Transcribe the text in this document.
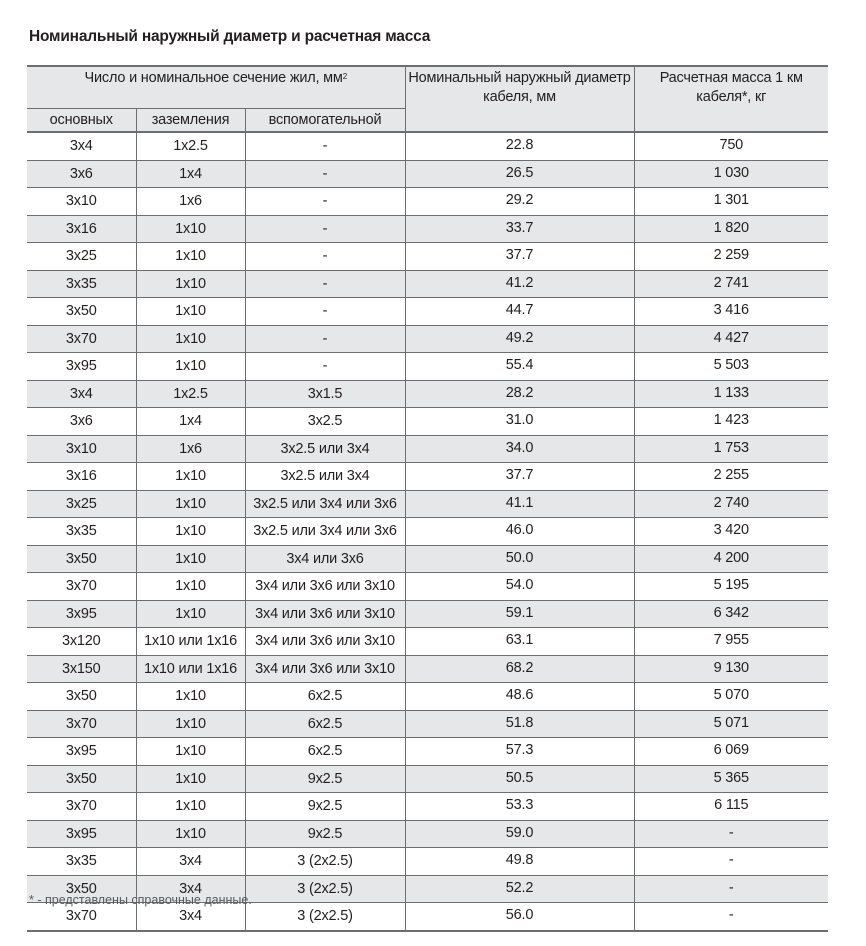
Номинальный наружный диаметр и расчетная масса
Число и номинальное сечение жил, $мм^2$			Номинальный наружный диаметр кабеля, мм	Расчетная масса 1 км кабеля*, кг
основных	заземления	вспомогательной		
3x4	1x2.5	-	22.8	750
3x6	1x4	-	26.5	1 030
3x10	1x6	-	29.2	1 301
3x16	1x10	-	33.7	1 820
3x25	1x10	-	37.7	2 259
3x35	1x10	-	41.2	2 741
3x50	1x10	-	44.7	3 416
3x70	1x10	-	49.2	4 427
3x95	1x10	-	55.4	5 503
3x4	1x2.5	3x1.5	28.2	1 133
3x6	1x4	3x2.5	31.0	1 423
3x10	1x6	3x2.5 или 3x4	34.0	1 753
3x16	1x10	3x2.5 или 3x4	37.7	2 255
3x25	1x10	3x2.5 или 3x4 или 3x6	41.1	2 740
3x35	1x10	3x2.5 или 3x4 или 3x6	46.0	3 420
3x50	1x10	3x4 или 3x6	50.0	4 200
3x70	1x10	3x4 или 3x6 или 3x10	54.0	5 195
3x95	1x10	3x4 или 3x6 или 3x10	59.1	6 342
3x120	1x10 или 1x16	3x4 или 3x6 или 3x10	63.1	7 955
3x150	1x10 или 1x16	3x4 или 3x6 или 3x10	68.2	9 130
3x50	1x10	6x2.5	48.6	5 070
3x70	1x10	6x2.5	51.8	5 071
3x95	1x10	6x2.5	57.3	6 069
3x50	1x10	9x2.5	50.5	5 365
3x70	1x10	9x2.5	53.3	6 115
3x95	1x10	9x2.5	59.0	-
3x35	3x4	3 (2x2.5)	49.8	-
3x50	3x4	3 (2x2.5)	52.2	-
3x70	3x4	3 (2x2.5)	56.0	-
* - представлены справочные данные.
